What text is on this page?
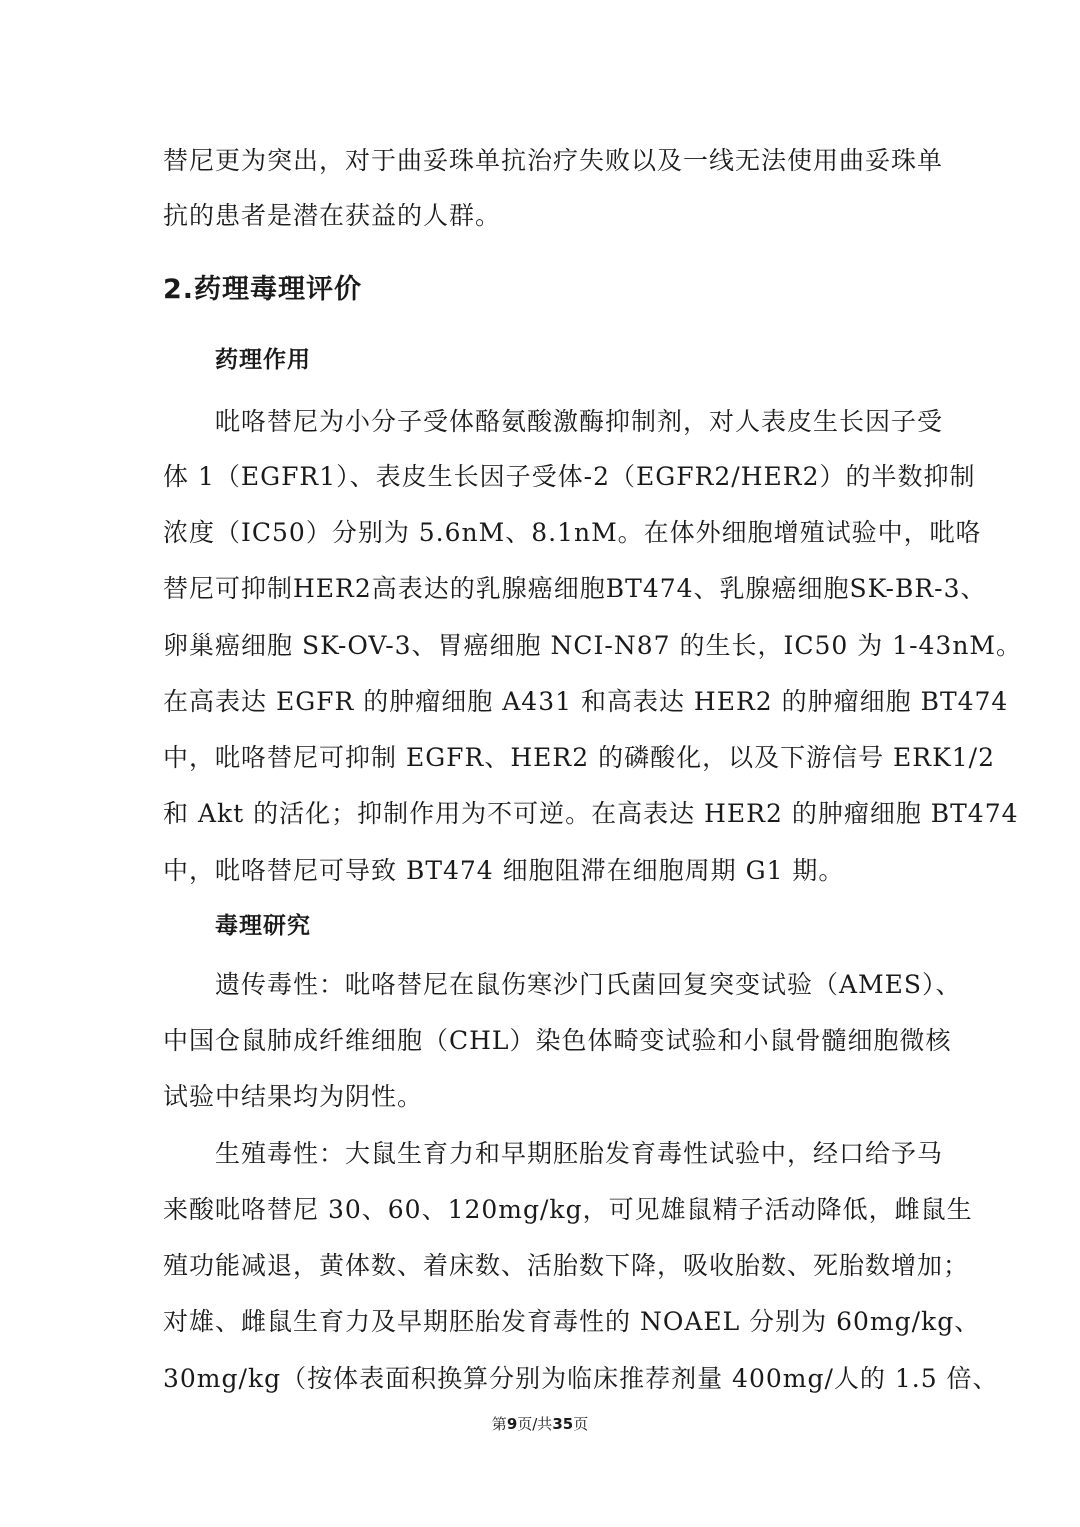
替尼更为突出，对于曲妥珠单抗治疗失败以及一线无法使用曲妥珠单
抗的患者是潜在获益的人群。
2.药理毒理评价
药理作用
吡咯替尼为小分子受体酪氨酸激酶抑制剂，对人表皮生长因子受
体 1（EGFR1）、表皮生长因子受体-2（EGFR2/HER2）的半数抑制
浓度（IC50）分别为 5.6nM、8.1nM。在体外细胞增殖试验中，吡咯
替尼可抑制HER2高表达的乳腺癌细胞BT474、乳腺癌细胞SK-BR-3、
卵巢癌细胞 SK-OV-3、胃癌细胞 NCI-N87 的生长，IC50 为 1-43nM。
在高表达 EGFR 的肿瘤细胞 A431 和高表达 HER2 的肿瘤细胞 BT474
中，吡咯替尼可抑制 EGFR、HER2 的磷酸化，以及下游信号 ERK1/2
和 Akt 的活化；抑制作用为不可逆。在高表达 HER2 的肿瘤细胞 BT474
中，吡咯替尼可导致 BT474 细胞阻滞在细胞周期 G1 期。
毒理研究
遗传毒性：吡咯替尼在鼠伤寒沙门氏菌回复突变试验（AMES）、
中国仓鼠肺成纤维细胞（CHL）染色体畸变试验和小鼠骨髓细胞微核
试验中结果均为阴性。
生殖毒性：大鼠生育力和早期胚胎发育毒性试验中，经口给予马
来酸吡咯替尼 30、60、120mg/kg，可见雄鼠精子活动降低，雌鼠生
殖功能减退，黄体数、着床数、活胎数下降，吸收胎数、死胎数增加；
对雄、雌鼠生育力及早期胚胎发育毒性的 NOAEL 分别为 60mg/kg、
30mg/kg（按体表面积换算分别为临床推荐剂量 400mg/人的 1.5 倍、
第9页/共35页
